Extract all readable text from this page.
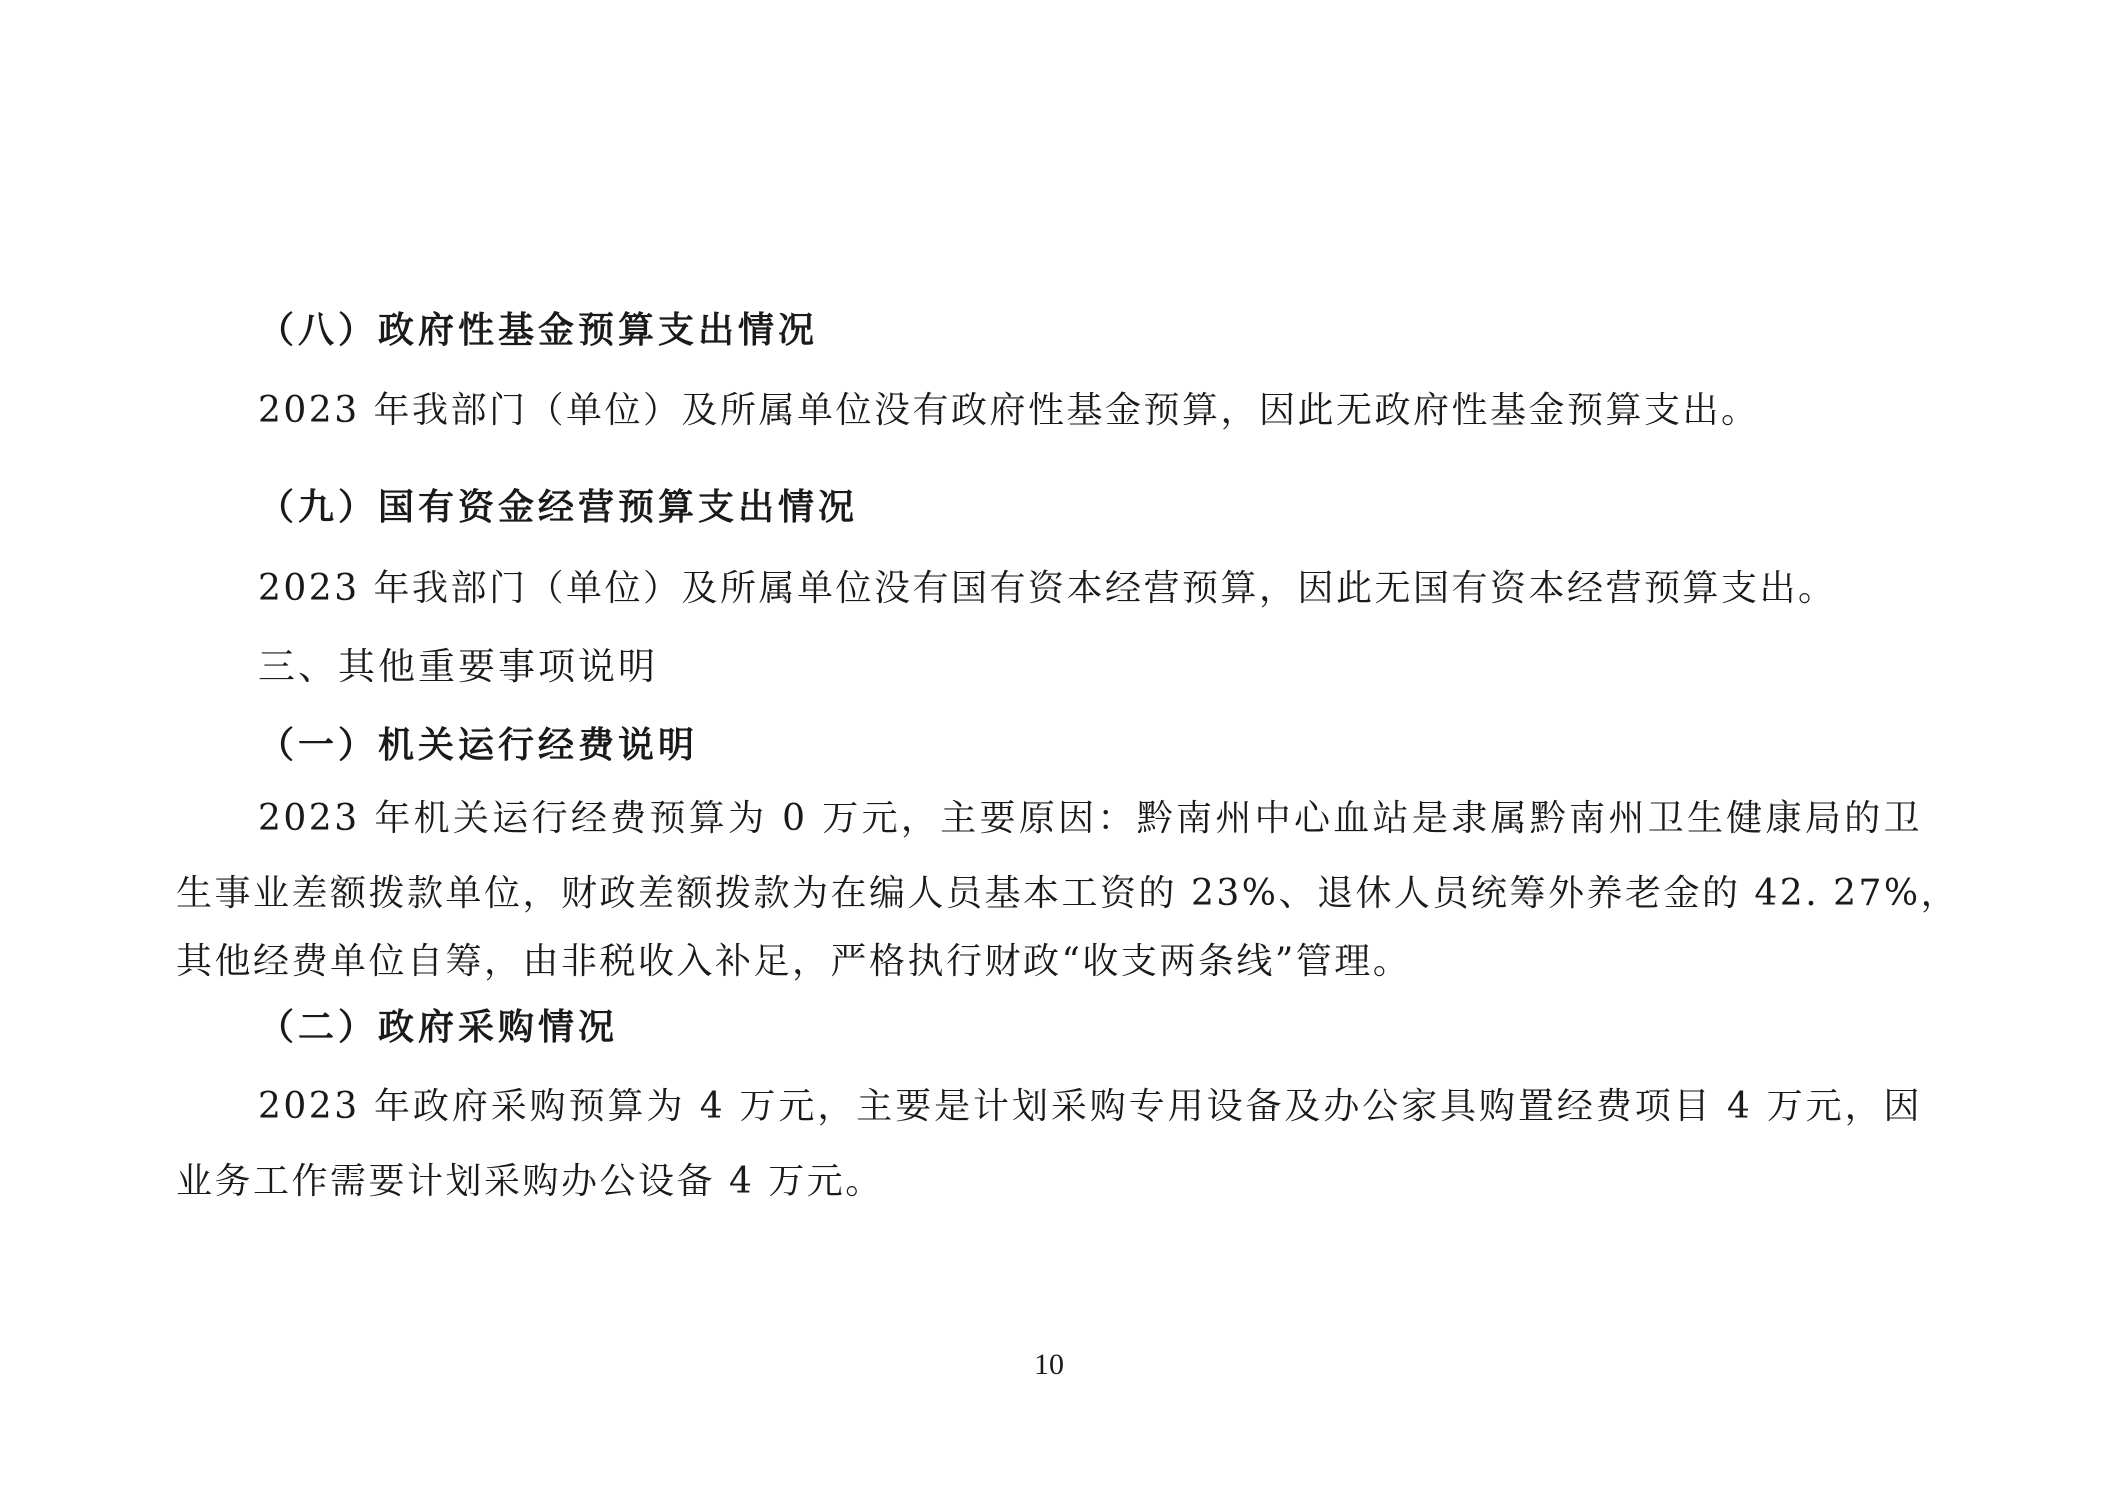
（八）政府性基金预算支出情况
2023 年我部门（单位）及所属单位没有政府性基金预算，因此无政府性基金预算支出。
（九）国有资金经营预算支出情况
2023 年我部门（单位）及所属单位没有国有资本经营预算，因此无国有资本经营预算支出。
三、其他重要事项说明
（一）机关运行经费说明
2023 年机关运行经费预算为 0 万元，主要原因：黔南州中心血站是隶属黔南州卫生健康局的卫
生事业差额拨款单位，财政差额拨款为在编人员基本工资的 23%、退休人员统筹外养老金的 42. 27%，
其他经费单位自筹，由非税收入补足，严格执行财政“收支两条线”管理。
（二）政府采购情况
2023 年政府采购预算为 4 万元，主要是计划采购专用设备及办公家具购置经费项目 4 万元，因
业务工作需要计划采购办公设备 4 万元。
10
